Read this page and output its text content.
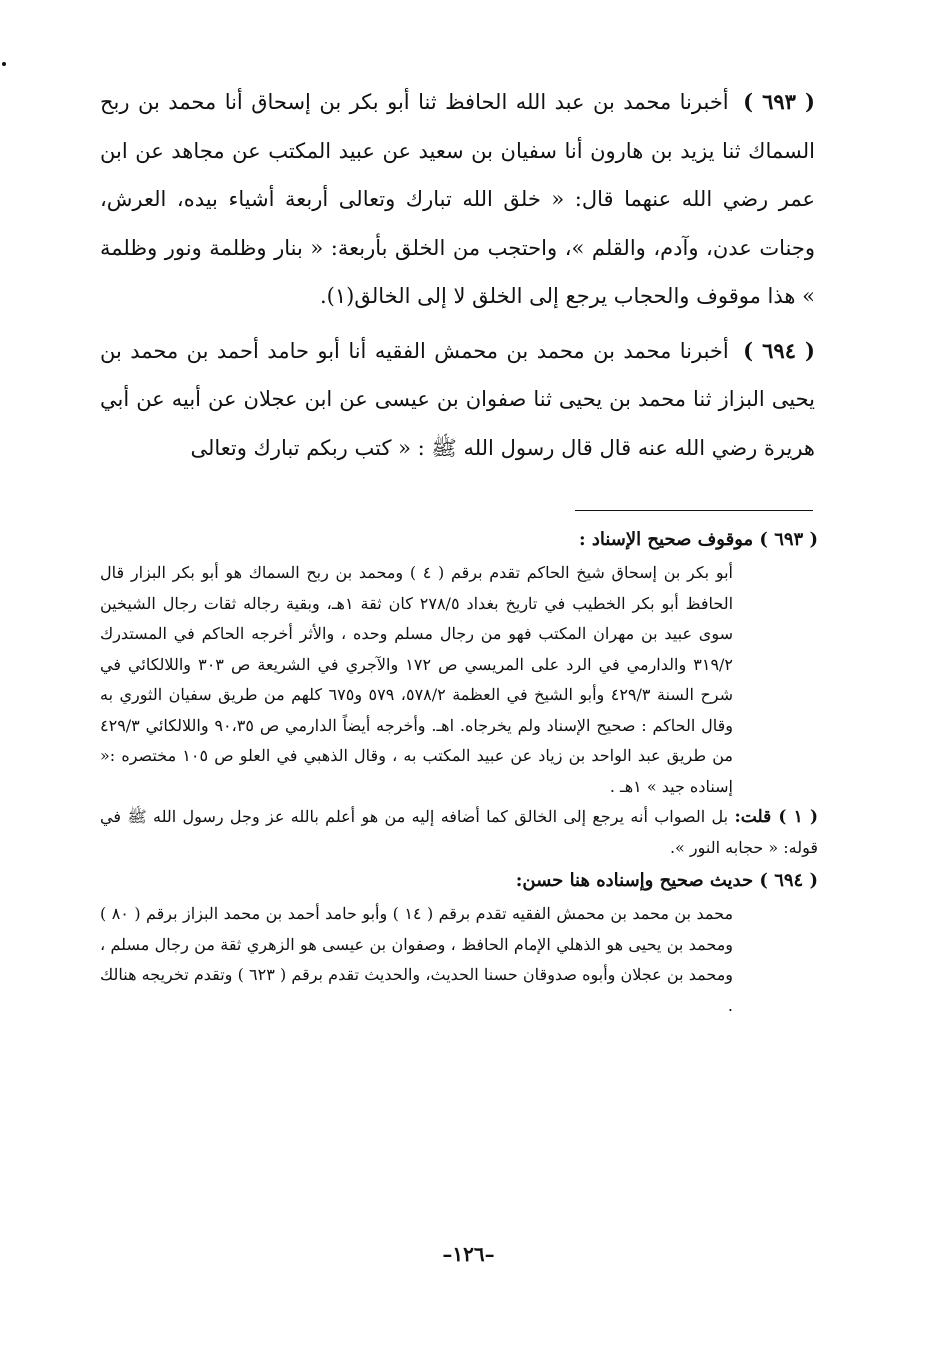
( ٦٩٣ ) أخبرنا محمد بن عبد الله الحافظ ثنا أبو بكر بن إسحاق أنا محمد بن ربح السماك ثنا يزيد بن هارون أنا سفيان بن سعيد عن عبيد المكتب عن مجاهد عن ابن عمر رضي الله عنهما قال: « خلق الله تبارك وتعالى أربعة أشياء بيده، العرش، وجنات عدن، وآدم، والقلم »، واحتجب من الخلق بأربعة: « بنار وظلمة ونور وظلمة » هذا موقوف والحجاب يرجع إلى الخلق لا إلى الخالق(١).

( ٦٩٤ ) أخبرنا محمد بن محمد بن محمش الفقيه أنا أبو حامد أحمد بن محمد بن يحيى البزاز ثنا محمد بن يحيى ثنا صفوان بن عيسى عن ابن عجلان عن أبيه عن أبي هريرة رضي الله عنه قال قال رسول الله ﷺ : « كتب ربكم تبارك وتعالى

( ٦٩٣ ) موقوف صحيح الإسناد :

أبو بكر بن إسحاق شيخ الحاكم تقدم برقم ( ٤ ) ومحمد بن ربح السماك هو أبو بكر البزار قال الحافظ أبو بكر الخطيب في تاريخ بغداد ٢٧٨/٥ كان ثقة ١هـ، وبقية رجاله ثقات رجال الشيخين سوى عبيد بن مهران المكتب فهو من رجال مسلم وحده ، والأثر أخرجه الحاكم في المستدرك ٣١٩/٢ والدارمي في الرد على المريسي ص ١٧٢ والآجري في الشريعة ص ٣٠٣ واللالكائي في شرح السنة ٤٢٩/٣ وأبو الشيخ في العظمة ٥٧٨/٢، ٥٧٩ و٦٧٥ كلهم من طريق سفيان الثوري به وقال الحاكم : صحيح الإسناد ولم يخرجاه. اهـ. وأخرجه أيضاً الدارمي ص ٩٠،٣٥ واللالكائي ٤٢٩/٣ من طريق عبد الواحد بن زياد عن عبيد المكتب به ، وقال الذهبي في العلو ص ١٠٥ مختصره :« إسناده جيد » ١هـ .

( ١ ) قلت: بل الصواب أنه يرجع إلى الخالق كما أضافه إليه من هو أعلم بالله عز وجل رسول الله ﷺ في قوله: « حجابه النور ».

( ٦٩٤ ) حديث صحيح وإسناده هنا حسن:

محمد بن محمد بن محمش الفقيه تقدم برقم ( ١٤ ) وأبو حامد أحمد بن محمد البزاز برقم ( ٨٠ ) ومحمد بن يحيى هو الذهلي الإمام الحافظ ، وصفوان بن عيسى هو الزهري ثقة من رجال مسلم ، ومحمد بن عجلان وأبوه صدوقان حسنا الحديث، والحديث تقدم برقم ( ٦٢٣ ) وتقدم تخريجه هنالك .

–١٢٦–
